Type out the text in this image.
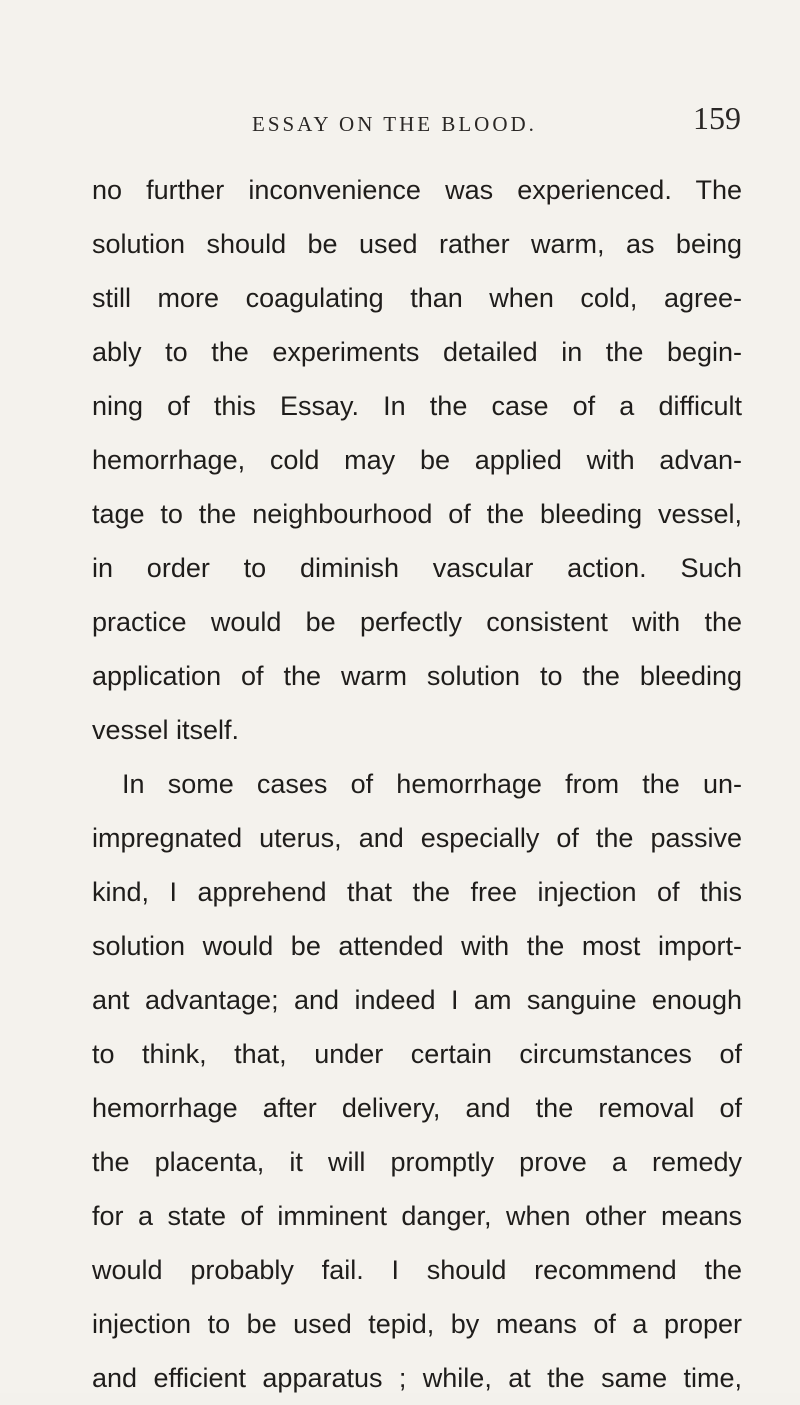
ESSAY ON THE BLOOD.	159
no further inconvenience was experienced. The
solution should be used rather warm, as being
still more coagulating than when cold, agree-
ably to the experiments detailed in the begin-
ning of this Essay. In the case of a difficult
hemorrhage, cold may be applied with advan-
tage to the neighbourhood of the bleeding vessel,
in order to diminish vascular action. Such
practice would be perfectly consistent with the
application of the warm solution to the bleeding
vessel itself.
In some cases of hemorrhage from the un-
impregnated uterus, and especially of the passive
kind, I apprehend that the free injection of this
solution would be attended with the most import-
ant advantage; and indeed I am sanguine enough
to think, that, under certain circumstances of
hemorrhage after delivery, and the removal of
the placenta, it will promptly prove a remedy
for a state of imminent danger, when other means
would probably fail. I should recommend the
injection to be used tepid, by means of a proper
and efficient apparatus ; while, at the same time,
